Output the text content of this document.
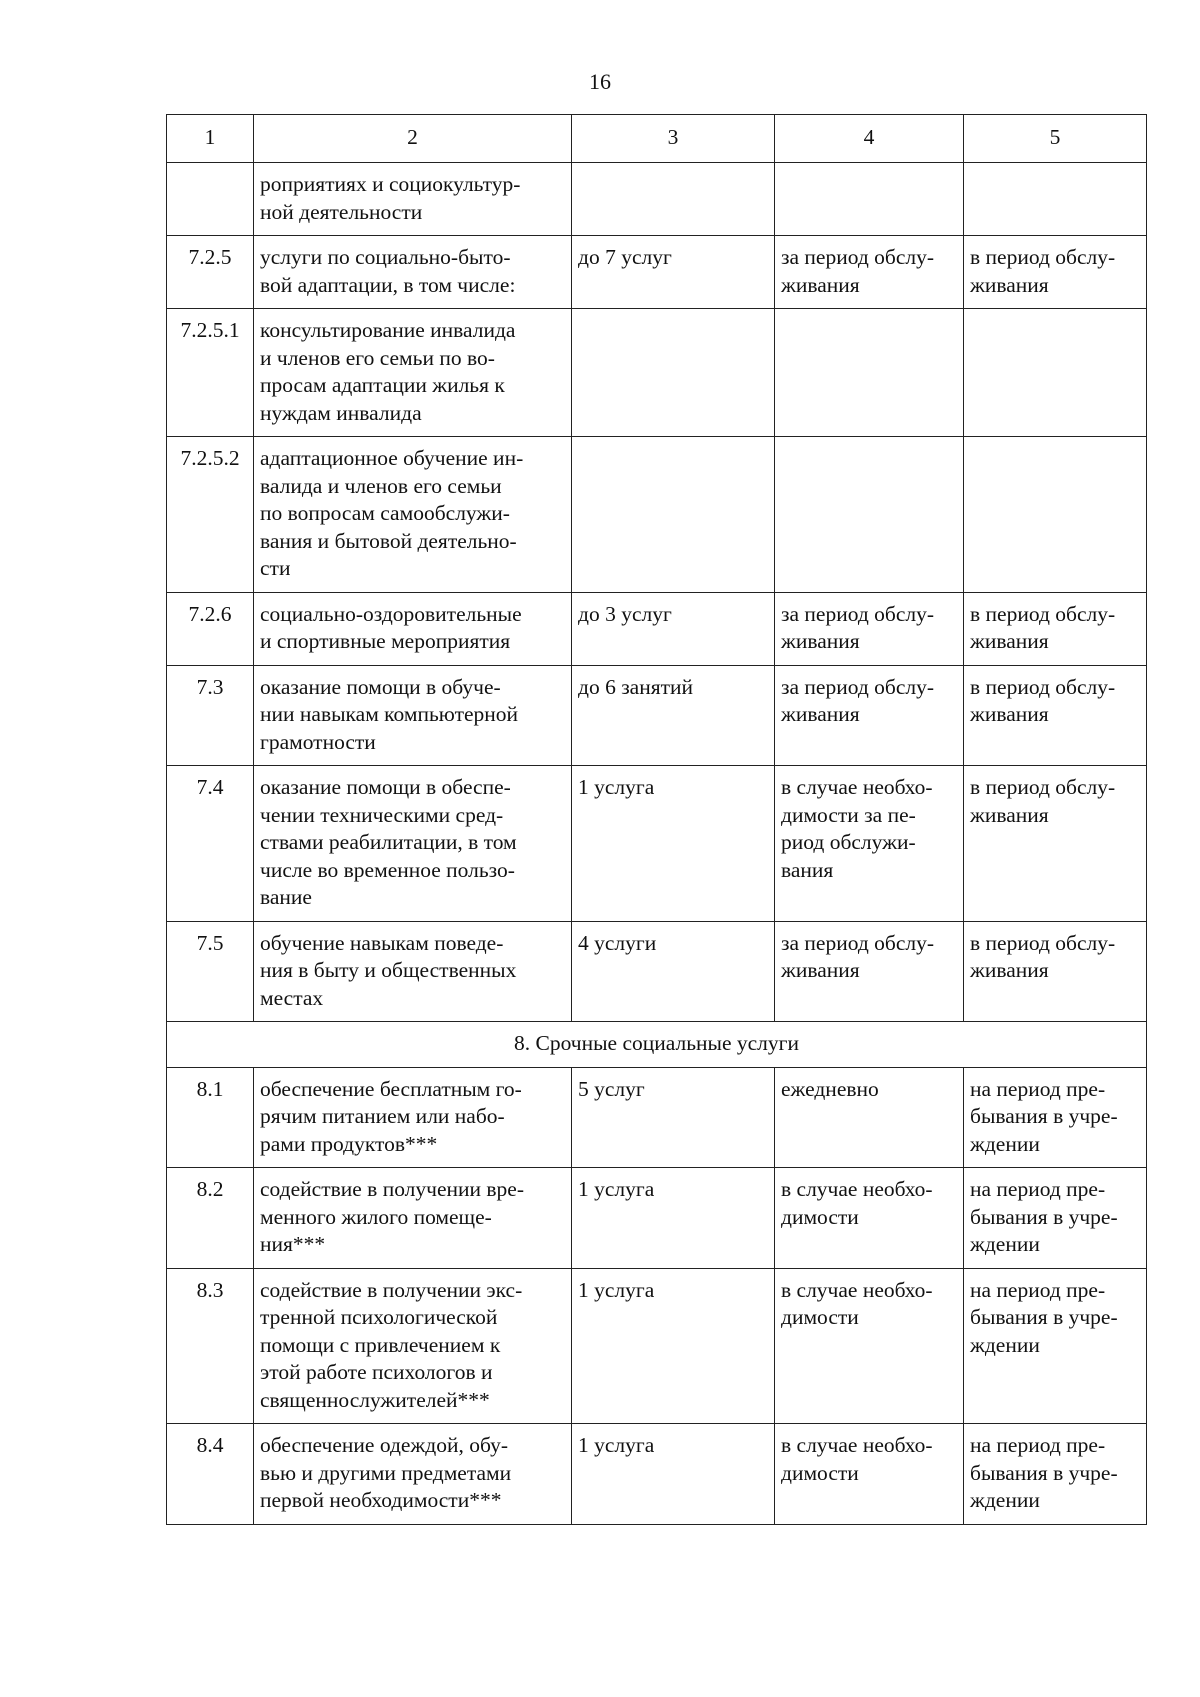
16
1	2	3	4	5

	роприятиях и социокультур-
ной деятельности			

7.2.5	услуги по социально-быто-
вой адаптации, в том числе:	до 7 услуг	за период обслу-
живания	в период обслу-
живания

7.2.5.1	консультирование инвалида
и членов его семьи по во-
просам адаптации жилья к
нуждам инвалида			

7.2.5.2	адаптационное обучение ин-
валида и членов его семьи
по вопросам самообслужи-
вания и бытовой деятельно-
сти			

7.2.6	социально-оздоровительные
и спортивные мероприятия	до 3 услуг	за период обслу-
живания	в период обслу-
живания

7.3	оказание помощи в обуче-
нии навыкам компьютерной
грамотности	до 6 занятий	за период обслу-
живания	в период обслу-
живания

7.4	оказание помощи в обеспе-
чении техническими сред-
ствами реабилитации, в том
числе во временное пользо-
вание	1 услуга	в случае необхо-
димости за пе-
риод обслужи-
вания	в период обслу-
живания

7.5	обучение навыкам поведе-
ния в быту и общественных
местах	4 услуги	за период обслу-
живания	в период обслу-
живания

8. Срочные социальные услуги				
8.1	обеспечение бесплатным го-
рячим питанием или набо-
рами продуктов***	5 услуг	ежедневно	на период пре-
бывания в учре-
ждении

8.2	содействие в получении вре-
менного жилого помеще-
ния***	1 услуга	в случае необхо-
димости	на период пре-
бывания в учре-
ждении

8.3	содействие в получении экс-
тренной психологической
помощи с привлечением к
этой работе психологов и
священнослужителей***	1 услуга	в случае необхо-
димости	на период пре-
бывания в учре-
ждении

8.4	обеспечение одеждой, обу-
вью и другими предметами
первой необходимости***	1 услуга	в случае необхо-
димости	на период пре-
бывания в учре-
ждении
